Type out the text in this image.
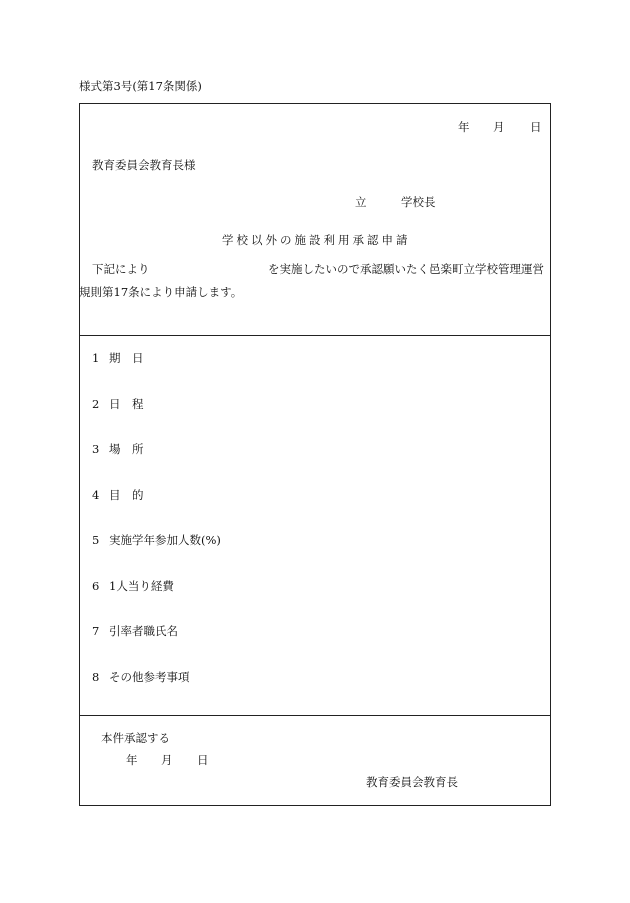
様式第3号(第17条関係)
年 月 日
教育委員会教育長様
立	学校長
学校以外の施設利用承認申請
下記により	を実施したいので承認願いたく邑楽町立学校管理運営
規則第17条により申請します。
1 期　日
2 日　程
3 場　所
4 目　的
5 実施学年参加人数(%)
6 1人当り経費
7 引率者職氏名
8 その他参考事項
本件承認する
年 月 日
教育委員会教育長
